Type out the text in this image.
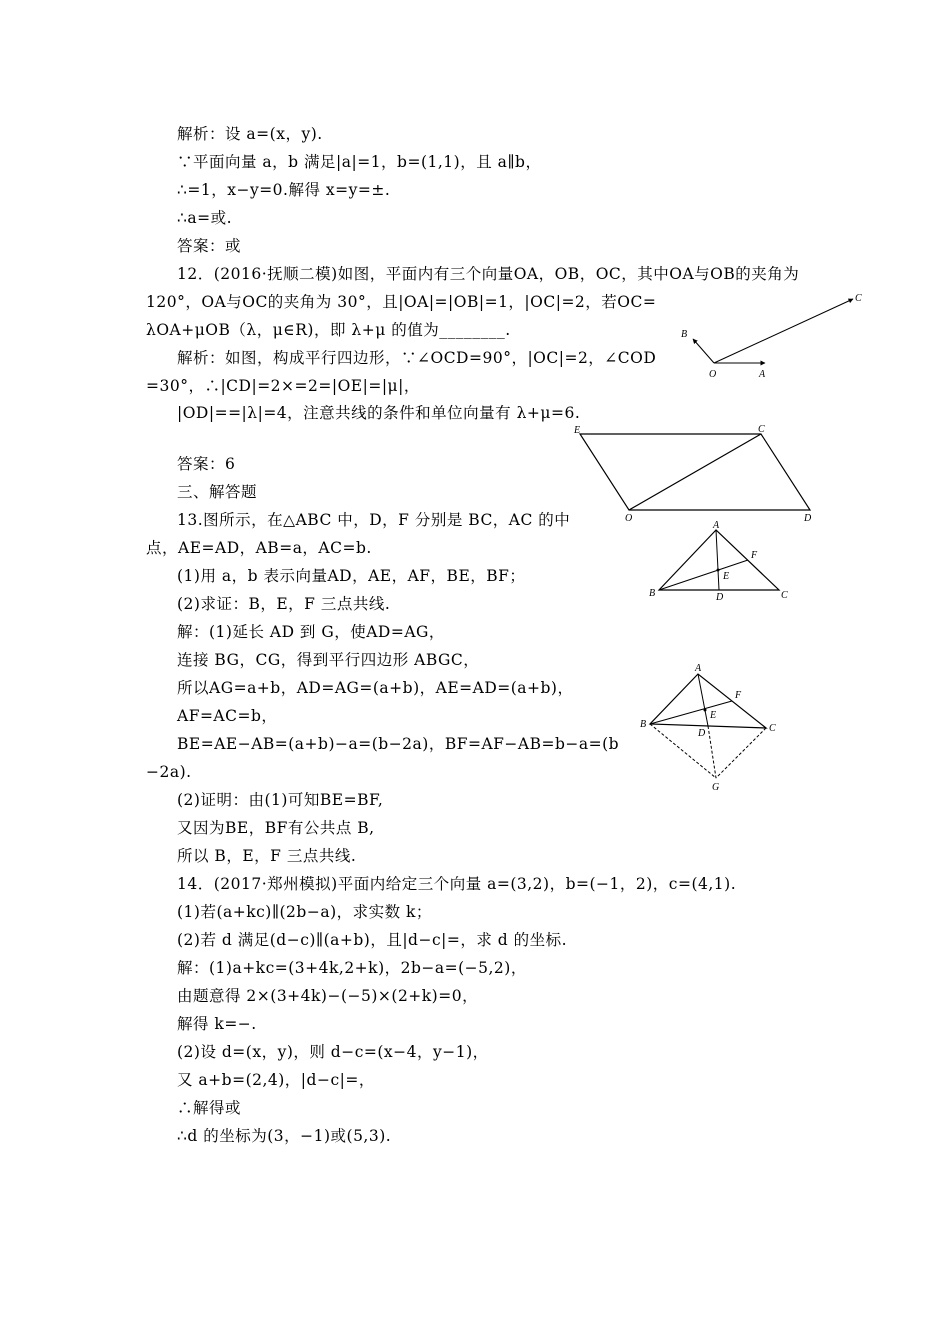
解析：设 a=(x，y).
∵平面向量 a，b 满足|a|=1，b=(1,1)，且 a∥b，
∴=1，x−y=0.解得 x=y=±.
∴a=或.
答案：或
12．(2016·抚顺二模)如图，平面内有三个向量OA，OB，OC，其中OA与OB的夹角为
120°，OA与OC的夹角为 30°，且|OA|=|OB|=1，|OC|=2，若OC=
λOA+μOB（λ，μ∈R)，即 λ+μ 的值为________.
解析：如图，构成平行四边形，∵∠OCD=90°，|OC|=2，∠COD
=30°，∴|CD|=2×=2=|OE|=|μ|，
|OD|==|λ|=4，注意共线的条件和单位向量有 λ+μ=6.
答案：6
三、解答题
13.图所示，在△ABC 中，D，F 分别是 BC，AC 的中
点，AE=AD，AB=a，AC=b.
(1)用 a，b 表示向量AD，AE，AF，BE，BF；
(2)求证：B，E，F 三点共线.
解：(1)延长 AD 到 G，使AD=AG，
连接 BG，CG，得到平行四边形 ABGC，
所以AG=a+b，AD=AG=(a+b)，AE=AD=(a+b)，
AF=AC=b，
BE=AE−AB=(a+b)−a=(b−2a)，BF=AF−AB=b−a=(b
−2a).
(2)证明：由(1)可知BE=BF,
又因为BE，BF有公共点 B,
所以 B，E，F 三点共线.
14．(2017·郑州模拟)平面内给定三个向量 a=(3,2)，b=(−1，2)，c=(4,1).
(1)若(a+kc)∥(2b−a)，求实数 k；
(2)若 d 满足(d−c)∥(a+b)，且|d−c|=，求 d 的坐标.
解：(1)a+kc=(3+4k,2+k)，2b−a=(−5,2)，
由题意得 2×(3+4k)−(−5)×(2+k)=0，
解得 k=−.
(2)设 d=(x，y)，则 d−c=(x−4，y−1)，
又 a+b=(2,4)，|d−c|=，
∴解得或
∴d 的坐标为(3，−1)或(5,3).
O	A
B
C
E	C
O	D
A
B	C
D
E
F
A
B	C
D
E
F
G
